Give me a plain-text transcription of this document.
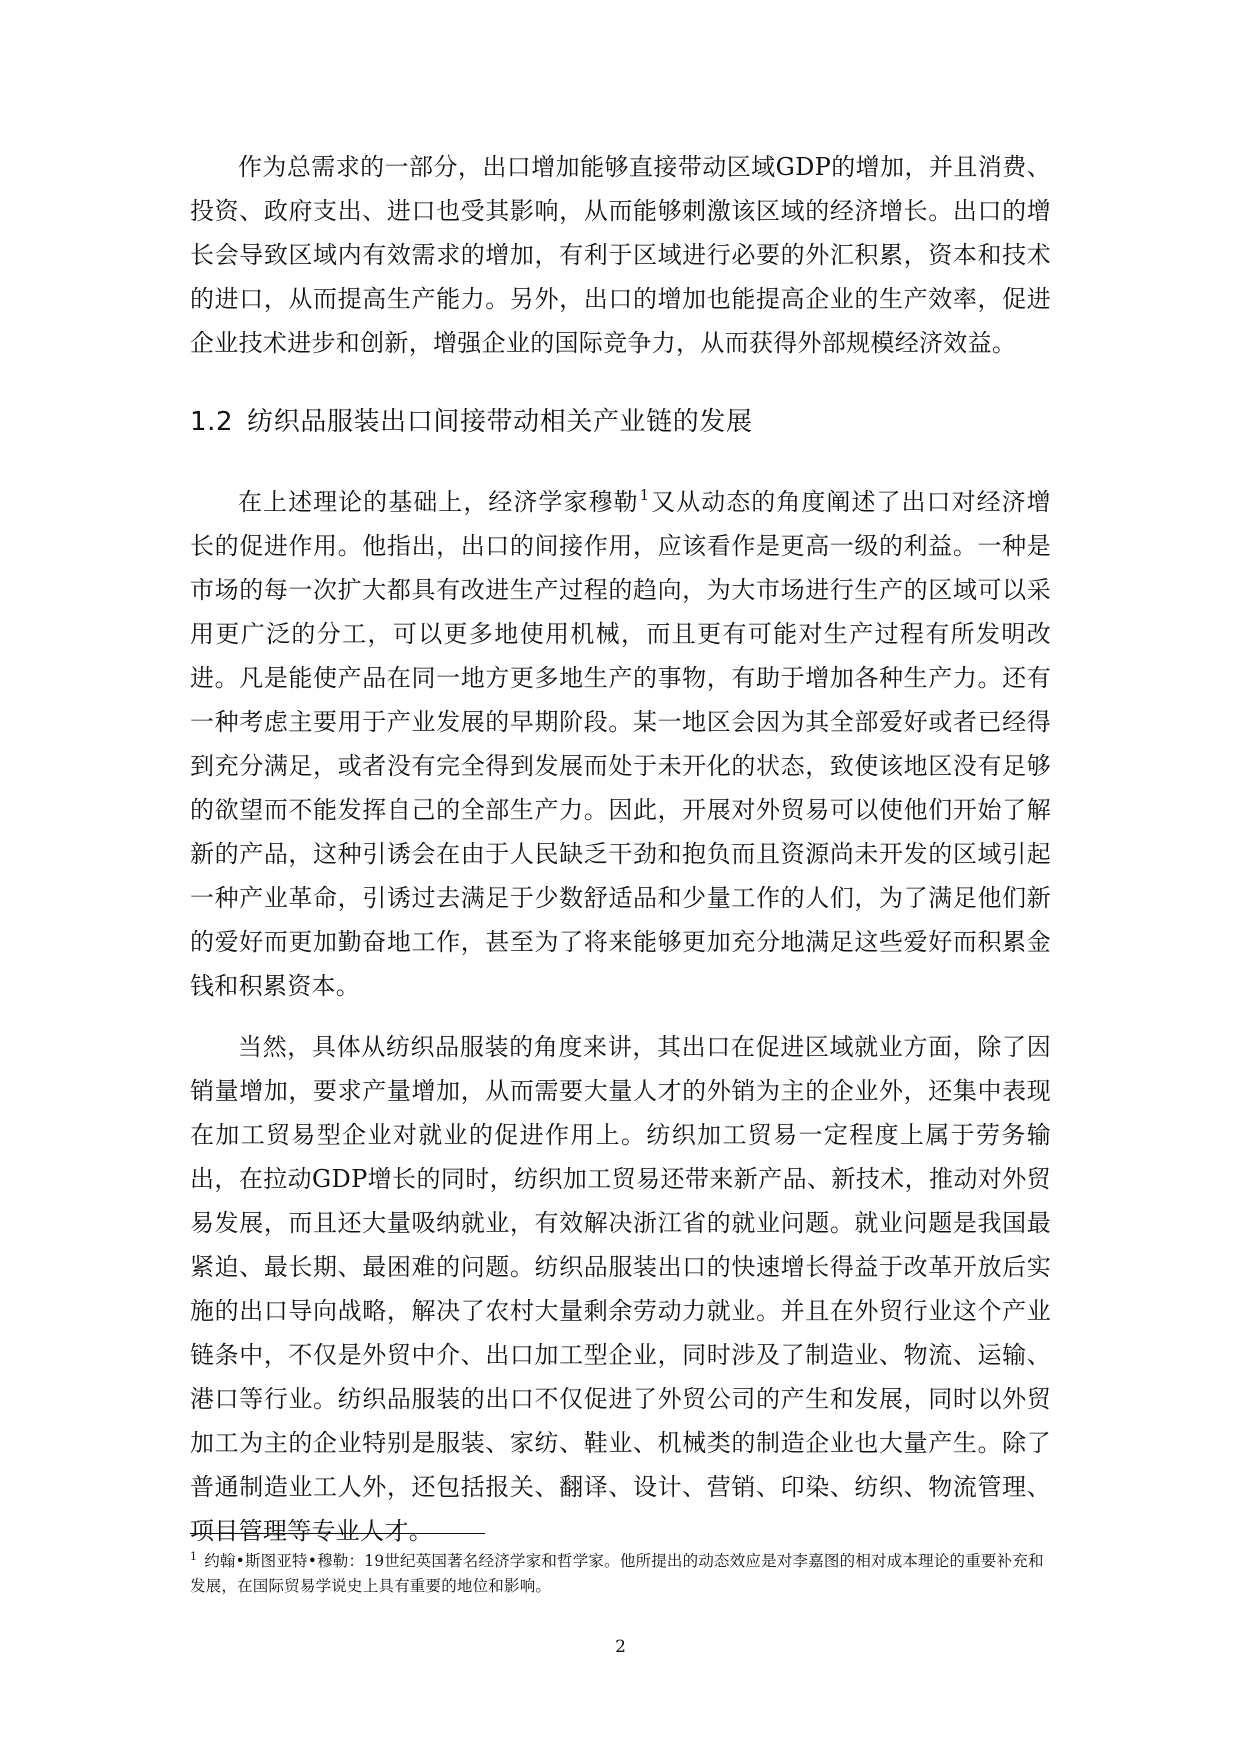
作为总需求的一部分，出口增加能够直接带动区域GDP的增加，并且消费、投资、政府支出、进口也受其影响，从而能够刺激该区域的经济增长。出口的增长会导致区域内有效需求的增加，有利于区域进行必要的外汇积累，资本和技术的进口，从而提高生产能力。另外，出口的增加也能提高企业的生产效率，促进企业技术进步和创新，增强企业的国际竞争力，从而获得外部规模经济效益。

1.2 纺织品服装出口间接带动相关产业链的发展

在上述理论的基础上，经济学家穆勒$^1$又从动态的角度阐述了出口对经济增长的促进作用。他指出，出口的间接作用，应该看作是更高一级的利益。一种是市场的每一次扩大都具有改进生产过程的趋向，为大市场进行生产的区域可以采用更广泛的分工，可以更多地使用机械，而且更有可能对生产过程有所发明改进。凡是能使产品在同一地方更多地生产的事物，有助于增加各种生产力。还有一种考虑主要用于产业发展的早期阶段。某一地区会因为其全部爱好或者已经得到充分满足，或者没有完全得到发展而处于未开化的状态，致使该地区没有足够的欲望而不能发挥自己的全部生产力。因此，开展对外贸易可以使他们开始了解新的产品，这种引诱会在由于人民缺乏干劲和抱负而且资源尚未开发的区域引起一种产业革命，引诱过去满足于少数舒适品和少量工作的人们，为了满足他们新的爱好而更加勤奋地工作，甚至为了将来能够更加充分地满足这些爱好而积累金钱和积累资本。

当然，具体从纺织品服装的角度来讲，其出口在促进区域就业方面，除了因销量增加，要求产量增加，从而需要大量人才的外销为主的企业外，还集中表现在加工贸易型企业对就业的促进作用上。纺织加工贸易一定程度上属于劳务输出，在拉动GDP增长的同时，纺织加工贸易还带来新产品、新技术，推动对外贸易发展，而且还大量吸纳就业，有效解决浙江省的就业问题。就业问题是我国最紧迫、最长期、最困难的问题。纺织品服装出口的快速增长得益于改革开放后实施的出口导向战略，解决了农村大量剩余劳动力就业。并且在外贸行业这个产业链条中，不仅是外贸中介、出口加工型企业，同时涉及了制造业、物流、运输、港口等行业。纺织品服装的出口不仅促进了外贸公司的产生和发展，同时以外贸加工为主的企业特别是服装、家纺、鞋业、机械类的制造企业也大量产生。除了普通制造业工人外，还包括报关、翻译、设计、营销、印染、纺织、物流管理、项目管理等专业人才。

$^1$ 约翰•斯图亚特•穆勒：19世纪英国著名经济学家和哲学家。他所提出的动态效应是对李嘉图的相对成本理论的重要补充和发展，在国际贸易学说史上具有重要的地位和影响。

2
